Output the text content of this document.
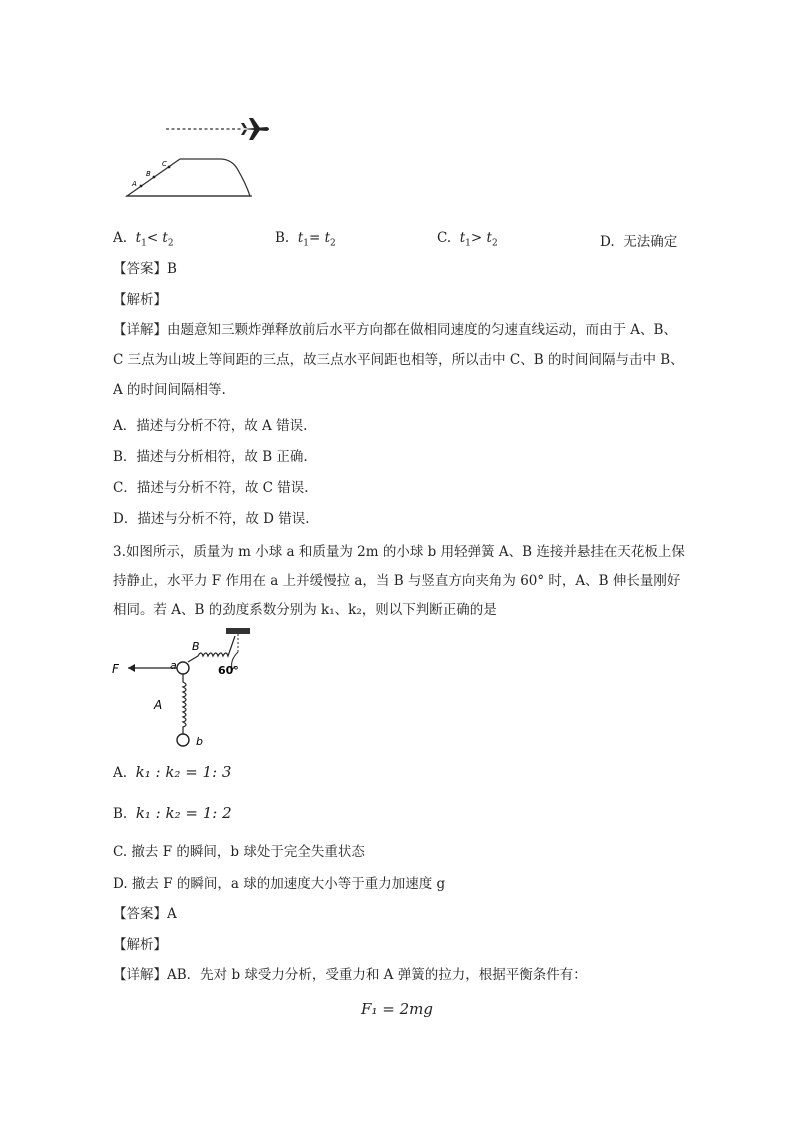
A
B
C
A. $t_1< t_2$	B. $t_1= t_2$	C. $t_1> t_2$	D. 无法确定
【答案】B
【解析】
【详解】由题意知三颗炸弹释放前后水平方向都在做相同速度的匀速直线运动，而由于 A、B、
C 三点为山坡上等间距的三点，故三点水平间距也相等，所以击中 C、B 的时间间隔与击中 B、
A 的时间间隔相等.
A．描述与分析不符，故 A 错误.
B．描述与分析相符，故 B 正确.
C．描述与分析不符，故 C 错误.
D．描述与分析不符，故 D 错误.
3.如图所示，质量为 m 小球 a 和质量为 2m 的小球 b 用轻弹簧 A、B 连接并悬挂在天花板上保
持静止，水平力 F 作用在 a 上并缓慢拉 a，当 B 与竖直方向夹角为 60° 时，A、B 伸长量刚好
相同。若 A、B 的劲度系数分别为 k₁、k₂，则以下判断正确的是
60°
a
B
F
A
b
A. k₁ : k₂ = 1: 3
B. k₁ : k₂ = 1: 2
C. 撤去 F 的瞬间，b 球处于完全失重状态
D. 撤去 F 的瞬间，a 球的加速度大小等于重力加速度 g
【答案】A
【解析】
【详解】AB．先对 b 球受力分析，受重力和 A 弹簧的拉力，根据平衡条件有：
F₁ = 2mg
